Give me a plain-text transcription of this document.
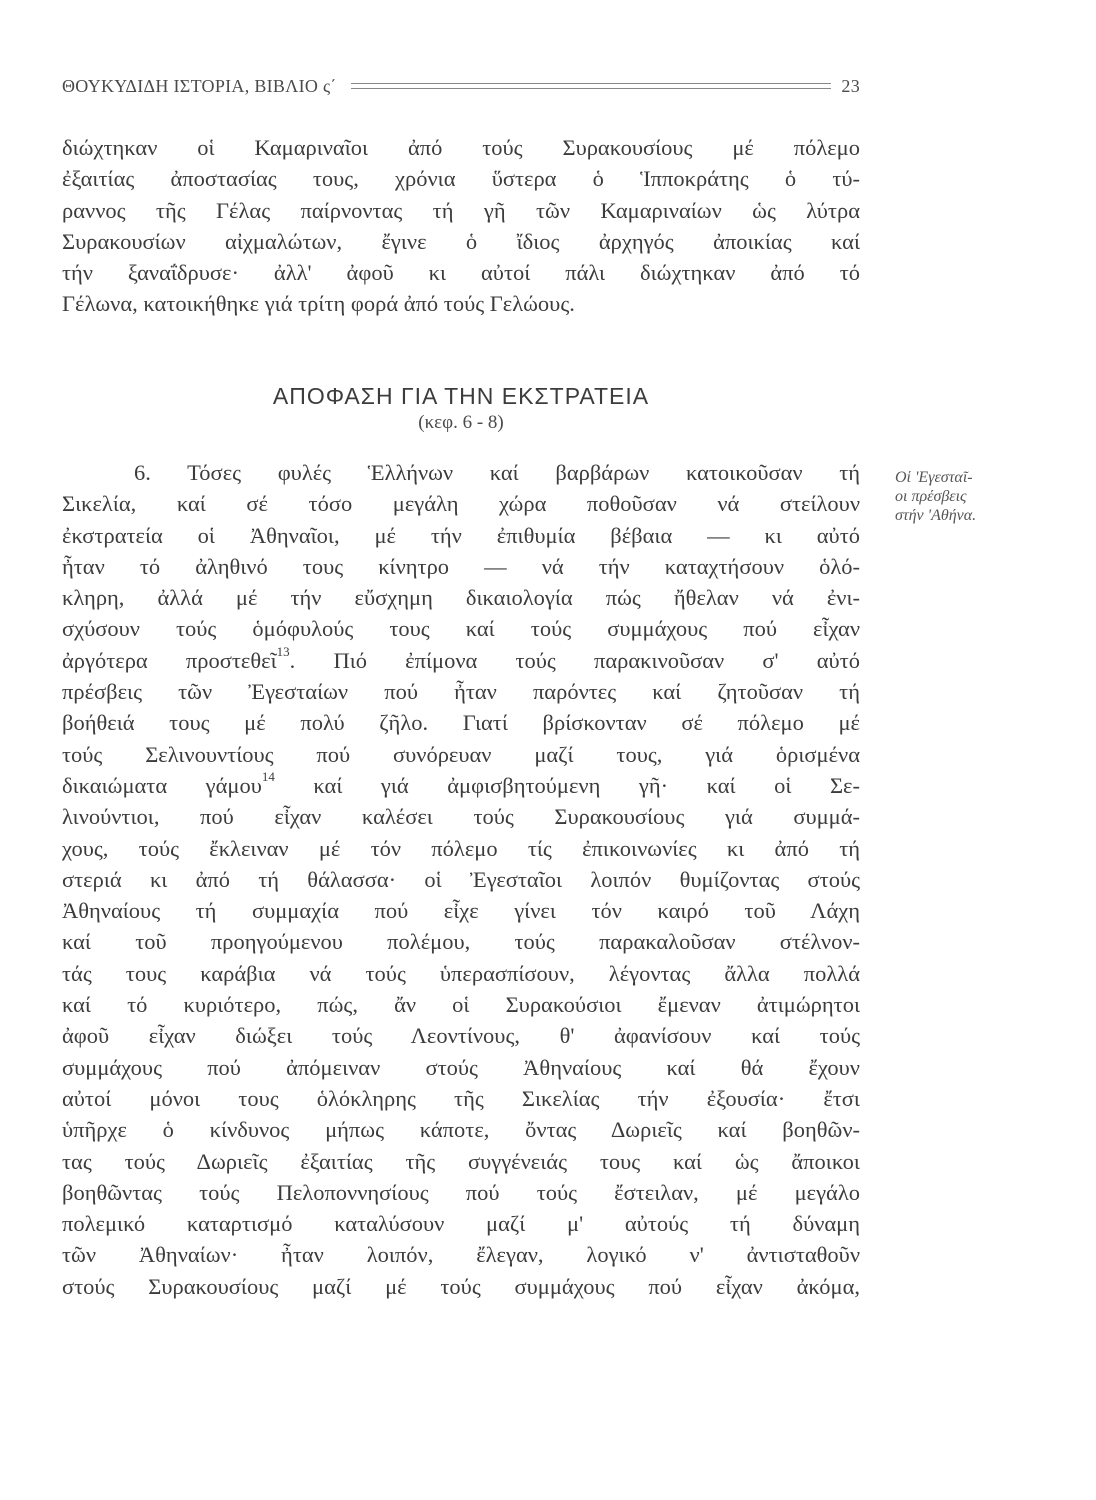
ΘΟΥΚΥΔΙΔΗ ΙΣΤΟΡΙΑ, ΒΙΒΛΙΟ ς΄	23
διώχτηκαν οἱ Καμαριναῖοι ἀπό τούς Συρακουσίους μέ πόλεμο
ἐξαιτίας ἀποστασίας τους, χρόνια ὕστερα ὁ Ἱπποκράτης ὁ τύ-
ραννος τῆς Γέλας παίρνοντας τή γῆ τῶν Καμαριναίων ὡς λύτρα
Συρακουσίων αἰχμαλώτων, ἔγινε ὁ ἴδιος ἀρχηγός ἀποικίας καί
τήν ξαναΐδρυσε· ἀλλ' ἀφοῦ κι αὐτοί πάλι διώχτηκαν ἀπό τό
Γέλωνα, κατοικήθηκε γιά τρίτη φορά ἀπό τούς Γελώους.
ΑΠΟΦΑΣΗ ΓΙΑ ΤΗΝ ΕΚΣΤΡΑΤΕΙΑ
(κεφ. 6 - 8)
Οἱ 'Εγεσταῖ-
οι πρέσβεις
στήν 'Αθήνα.
6. Τόσες φυλές Ἑλλήνων καί βαρβάρων κατοικοῦσαν τή
Σικελία, καί σέ τόσο μεγάλη χώρα ποθοῦσαν νά στείλουν
ἐκστρατεία οἱ Ἀθηναῖοι, μέ τήν ἐπιθυμία βέβαια — κι αὐτό
ἦταν τό ἀληθινό τους κίνητρο — νά τήν καταχτήσουν ὁλό-
κληρη, ἀλλά μέ τήν εὔσχημη δικαιολογία πώς ἤθελαν νά ἐνι-
σχύσουν τούς ὁμόφυλούς τους καί τούς συμμάχους πού εἶχαν
ἀργότερα προστεθεῖ$^{13}$. Πιό ἐπίμονα τούς παρακινοῦσαν σ' αὐτό
πρέσβεις τῶν Ἐγεσταίων πού ἦταν παρόντες καί ζητοῦσαν τή
βοήθειά τους μέ πολύ ζῆλο. Γιατί βρίσκονταν σέ πόλεμο μέ
τούς Σελινουντίους πού συνόρευαν μαζί τους, γιά ὁρισμένα
δικαιώματα γάμου$^{14}$ καί γιά ἀμφισβητούμενη γῆ· καί οἱ Σε-
λινούντιοι, πού εἶχαν καλέσει τούς Συρακουσίους γιά συμμά-
χους, τούς ἔκλειναν μέ τόν πόλεμο τίς ἐπικοινωνίες κι ἀπό τή
στεριά κι ἀπό τή θάλασσα· οἱ Ἐγεσταῖοι λοιπόν θυμίζοντας στούς
Ἀθηναίους τή συμμαχία πού εἶχε γίνει τόν καιρό τοῦ Λάχη
καί τοῦ προηγούμενου πολέμου, τούς παρακαλοῦσαν στέλνον-
τάς τους καράβια νά τούς ὑπερασπίσουν, λέγοντας ἄλλα πολλά
καί τό κυριότερο, πώς, ἄν οἱ Συρακούσιοι ἔμεναν ἀτιμώρητοι
ἀφοῦ εἶχαν διώξει τούς Λεοντίνους, θ' ἀφανίσουν καί τούς
συμμάχους πού ἀπόμειναν στούς Ἀθηναίους καί θά ἔχουν
αὐτοί μόνοι τους ὁλόκληρης τῆς Σικελίας τήν ἐξουσία· ἔτσι
ὑπῆρχε ὁ κίνδυνος μήπως κάποτε, ὄντας Δωριεῖς καί βοηθῶν-
τας τούς Δωριεῖς ἐξαιτίας τῆς συγγένειάς τους καί ὡς ἄποικοι
βοηθῶντας τούς Πελοποννησίους πού τούς ἔστειλαν, μέ μεγάλο
πολεμικό καταρτισμό καταλύσουν μαζί μ' αὐτούς τή δύναμη
τῶν Ἀθηναίων· ἦταν λοιπόν, ἔλεγαν, λογικό ν' ἀντισταθοῦν
στούς Συρακουσίους μαζί μέ τούς συμμάχους πού εἶχαν ἀκόμα,
